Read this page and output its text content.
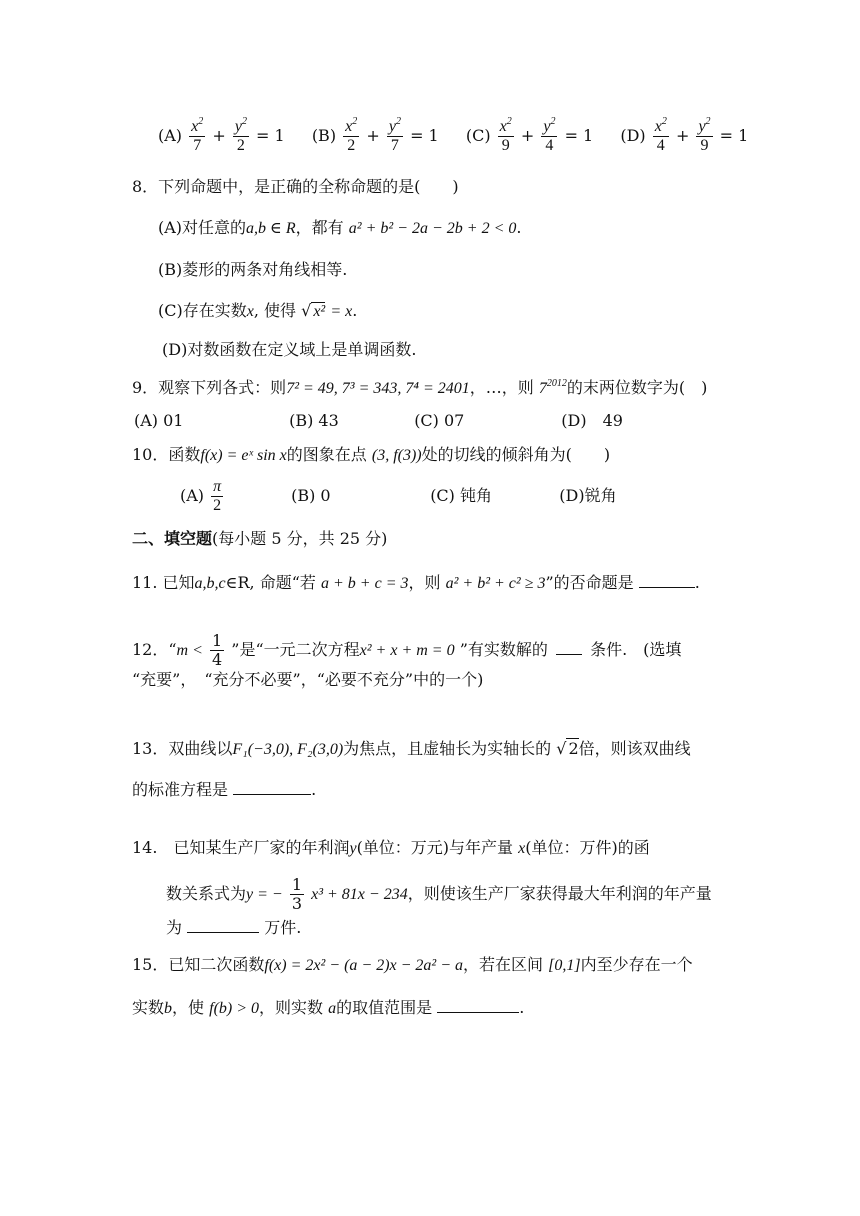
$(A) \frac{x^2}{7} + \frac{y^2}{2} = 1$ $(B) \frac{x^2}{2} + \frac{y^2}{7} = 1$ $(C) \frac{x^2}{9} + \frac{y^2}{4} = 1$ $(D) \frac{x^2}{4} + \frac{y^2}{9} = 1$
8．下列命题中，是正确的全称命题的是(　　)
(A)对任意的a,b ∈ R，都有 a² + b² − 2a − 2b + 2 < 0.
(B)菱形的两条对角线相等.
(C)存在实数x, 使得 √ x² = x.
(D)对数函数在定义域上是单调函数.
9．观察下列各式：则7² = 49, 7³ = 343, 7⁴ = 2401，…，则 $7^{2012}$的末两位数字为(　)
(A) 01	(B) 43	(C) 07	(D)　49
10．函数f(x) = eˣ sin x的图象在点 (3, f(3))处的切线的倾斜角为(　　)
$(A) \frac{\pi}{2}$	(B) 0	(C) 钝角	(D)锐角
二、填空题(每小题 5 分，共 25 分)
11. 已知a,b,c∈R, 命题“若 a + b + c = 3，则 a² + b² + c² ≥ 3”的否命题是	.
12．“$m < \frac{1}{4}$ ”是“一元二次方程x² + x + m = 0 ”有实数解的	条件.　(选填
“充要”，　“充分不必要”，“必要不充分”中的一个)
13．双曲线以F₁(−3,0), F₂(3,0)为焦点，且虚轴长为实轴长的 √ 2倍，则该双曲线
的标准方程是	.
14.　已知某生产厂家的年利润y(单位：万元)与年产量 x(单位：万件)的函
数关系式为y = − $\frac{1}{3} x^3 + 81x - 234$，则使该生产厂家获得最大年利润的年产量
为	万件.
15．已知二次函数f(x) = 2x² − (a − 2)x − 2a² − a，若在区间 [0,1]内至少存在一个
实数b，使 f(b) > 0，则实数 a的取值范围是	.
